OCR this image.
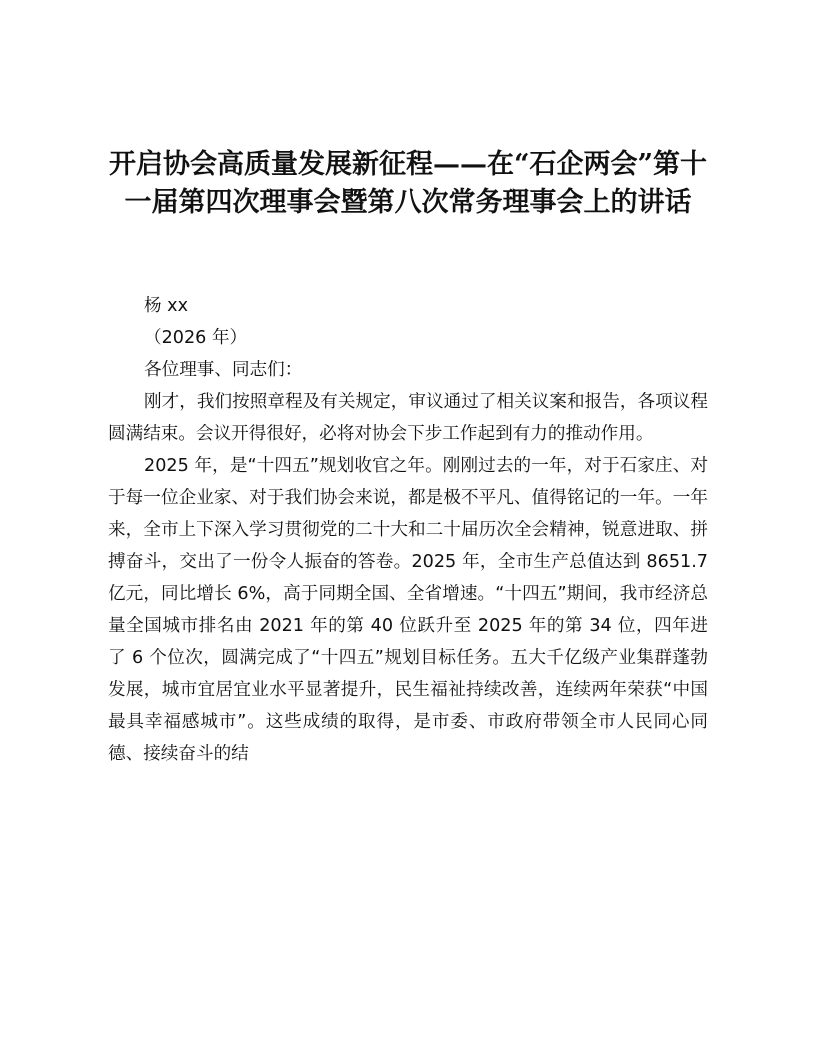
开启协会高质量发展新征程——在“石企两会”第十一届第四次理事会暨第八次常务理事会上的讲话

杨 xx

（2026 年）

各位理事、同志们：

刚才，我们按照章程及有关规定，审议通过了相关议案和报告，各项议程圆满结束。会议开得很好，必将对协会下步工作起到有力的推动作用。

2025 年，是“十四五”规划收官之年。刚刚过去的一年，对于石家庄、对于每一位企业家、对于我们协会来说，都是极不平凡、值得铭记的一年。一年来，全市上下深入学习贯彻党的二十大和二十届历次全会精神，锐意进取、拼搏奋斗，交出了一份令人振奋的答卷。2025 年，全市生产总值达到 8651.7 亿元，同比增长 6%，高于同期全国、全省增速。“十四五”期间，我市经济总量全国城市排名由 2021 年的第 40 位跃升至 2025 年的第 34 位，四年进了 6 个位次，圆满完成了“十四五”规划目标任务。五大千亿级产业集群蓬勃发展，城市宜居宜业水平显著提升，民生福祉持续改善，连续两年荣获“中国最具幸福感城市”。这些成绩的取得，是市委、市政府带领全市人民同心同德、接续奋斗的结
